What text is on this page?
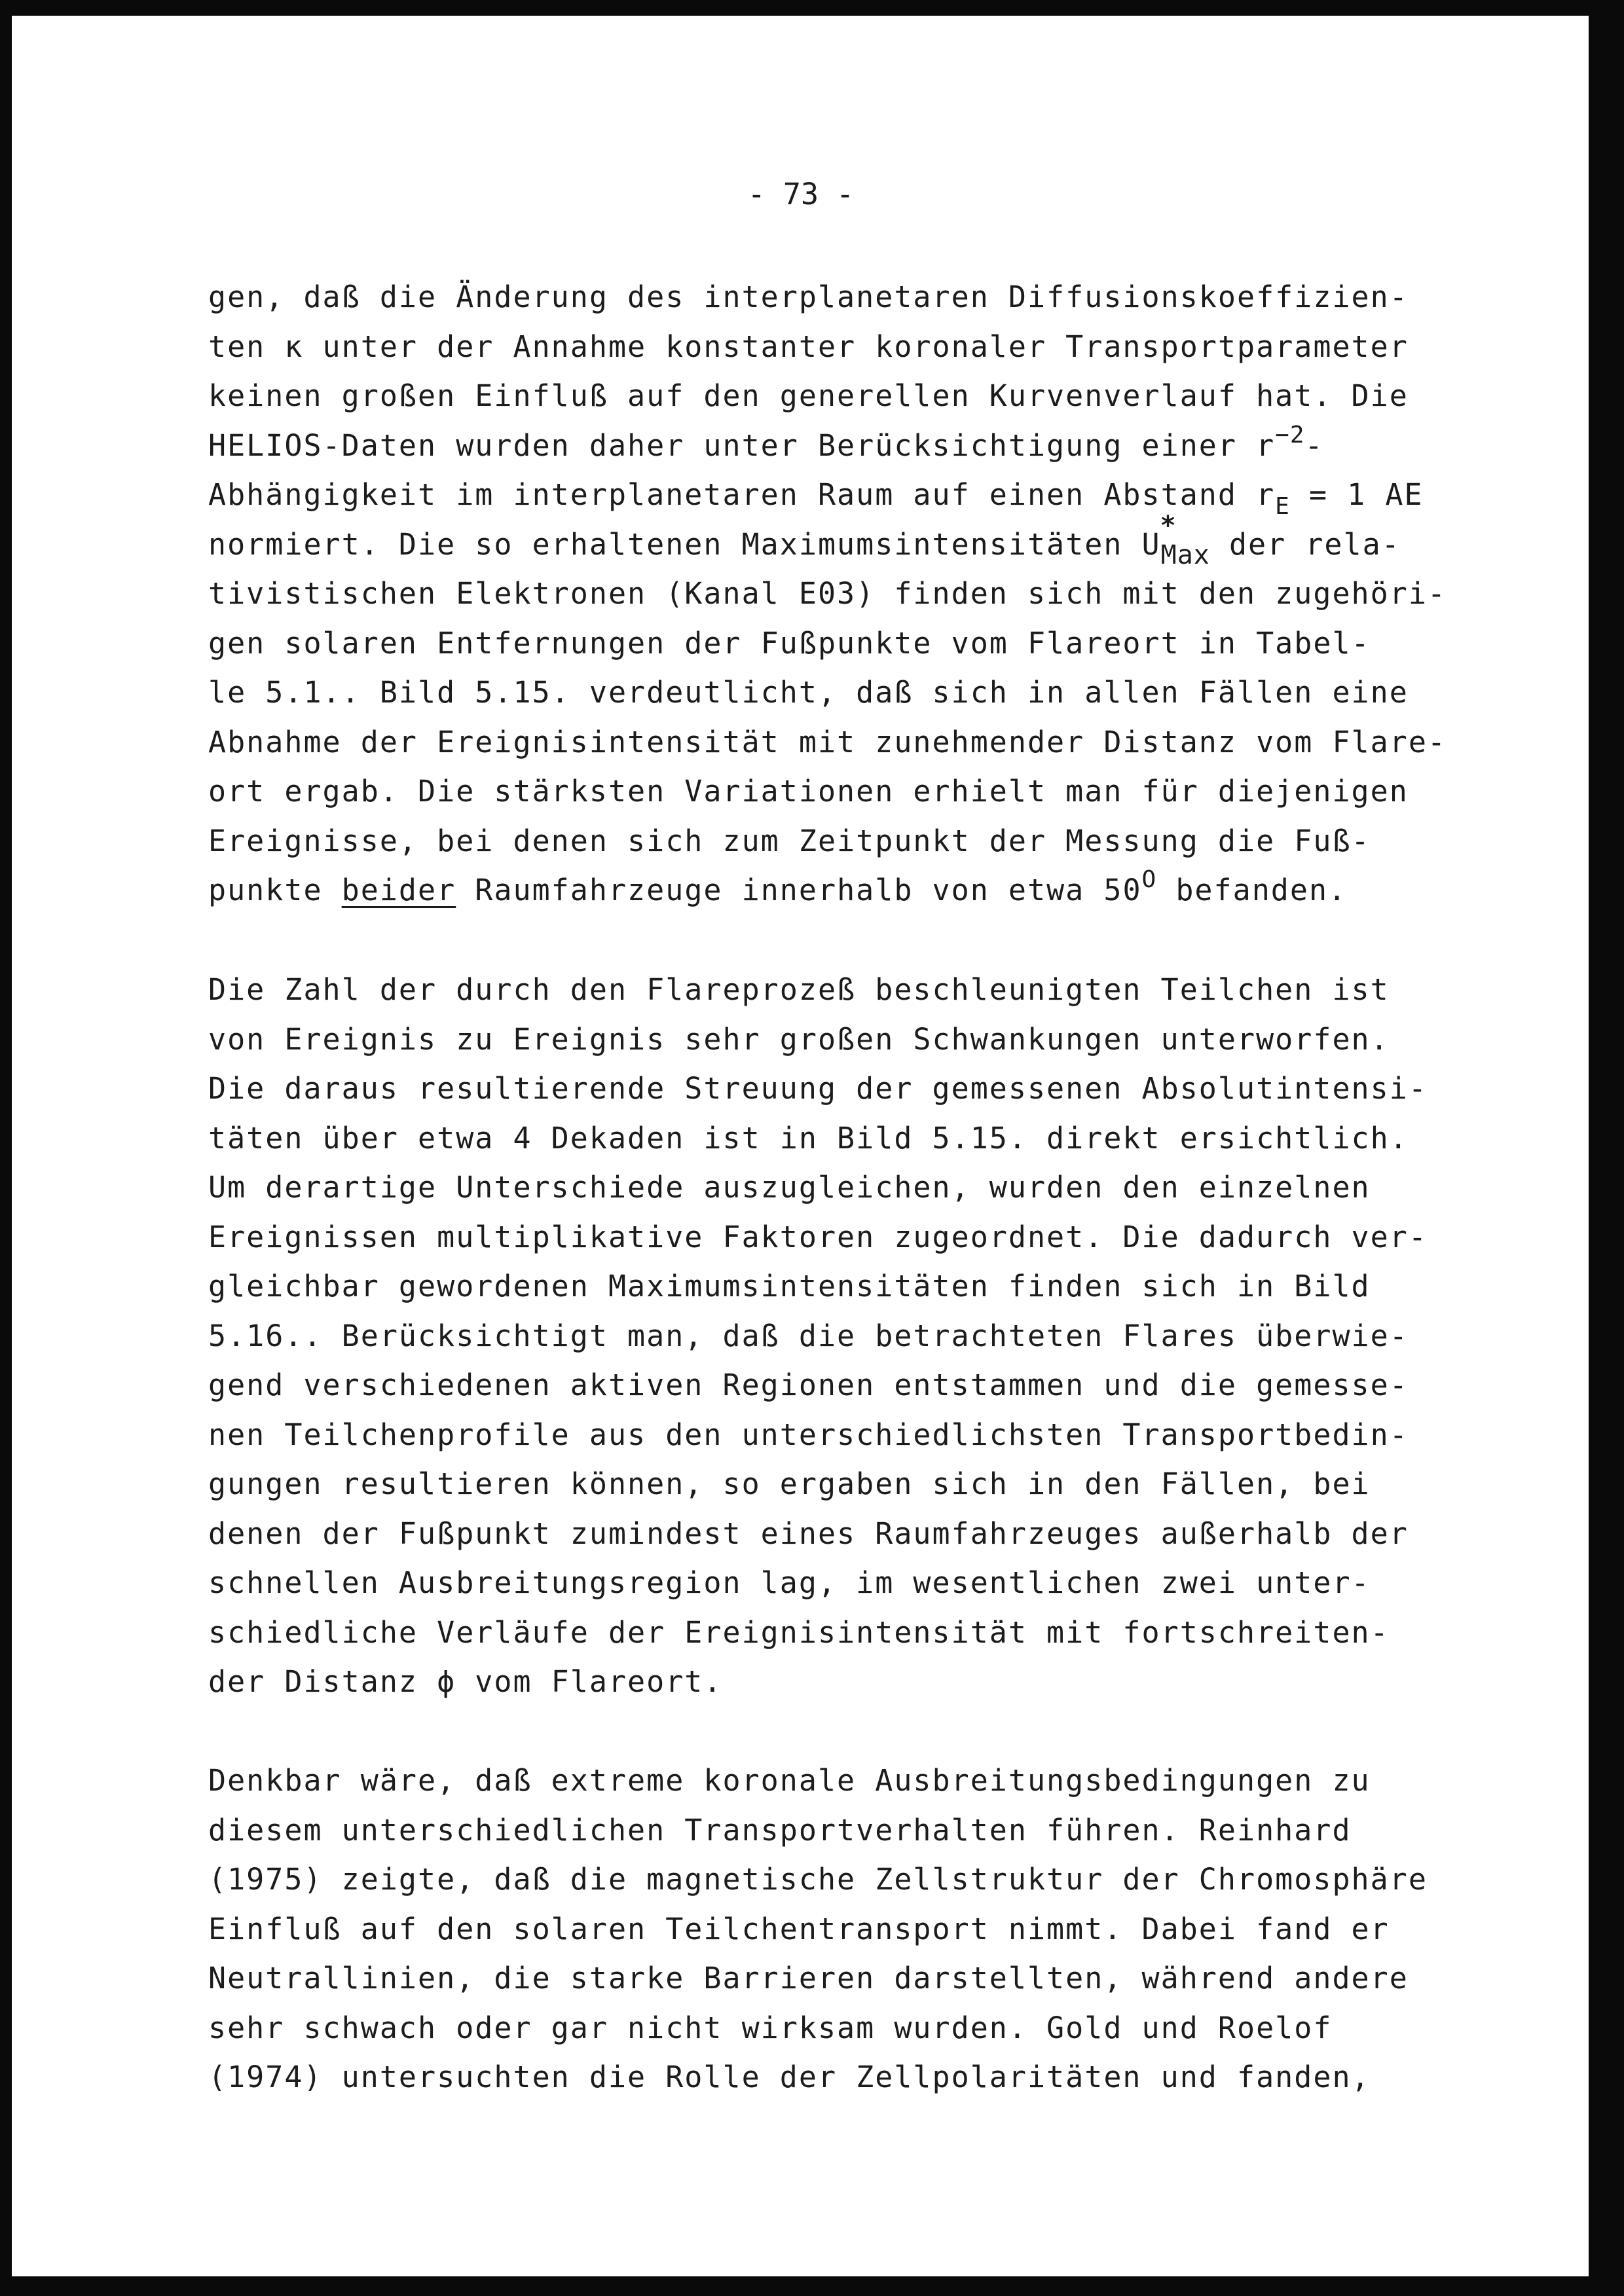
- 73 -
gen, daß die Änderung des interplanetaren Diffusionskoeffizien-
ten κ unter der Annahme konstanter koronaler Transportparameter
keinen großen Einfluß auf den generellen Kurvenverlauf hat. Die
HELIOS-Daten wurden daher unter Berücksichtigung einer $r^{-2}-$
Abhängigkeit im interplanetaren Raum auf einen Abstand $r_E = 1$ AE
normiert. Die so erhaltenen Maximumsintensitäten U
*
Max der rela-
tivistischen Elektronen (Kanal E03) finden sich mit den zugehöri-
gen solaren Entfernungen der Fußpunkte vom Flareort in Tabel-
le 5.1.. Bild 5.15. verdeutlicht, daß sich in allen Fällen eine
Abnahme der Ereignisintensität mit zunehmender Distanz vom Flare-
ort ergab. Die stärksten Variationen erhielt man für diejenigen
Ereignisse, bei denen sich zum Zeitpunkt der Messung die Fuß-
punkte beider Raumfahrzeuge innerhalb von etwa $50^O$ befanden.
Die Zahl der durch den Flareprozeß beschleunigten Teilchen ist
von Ereignis zu Ereignis sehr großen Schwankungen unterworfen.
Die daraus resultierende Streuung der gemessenen Absolutintensi-
täten über etwa 4 Dekaden ist in Bild 5.15. direkt ersichtlich.
Um derartige Unterschiede auszugleichen, wurden den einzelnen
Ereignissen multiplikative Faktoren zugeordnet. Die dadurch ver-
gleichbar gewordenen Maximumsintensitäten finden sich in Bild
5.16.. Berücksichtigt man, daß die betrachteten Flares überwie-
gend verschiedenen aktiven Regionen entstammen und die gemesse-
nen Teilchenprofile aus den unterschiedlichsten Transportbedin-
gungen resultieren können, so ergaben sich in den Fällen, bei
denen der Fußpunkt zumindest eines Raumfahrzeuges außerhalb der
schnellen Ausbreitungsregion lag, im wesentlichen zwei unter-
schiedliche Verläufe der Ereignisintensität mit fortschreiten-
der Distanz ϕ vom Flareort.
Denkbar wäre, daß extreme koronale Ausbreitungsbedingungen zu
diesem unterschiedlichen Transportverhalten führen. Reinhard
(1975) zeigte, daß die magnetische Zellstruktur der Chromosphäre
Einfluß auf den solaren Teilchentransport nimmt. Dabei fand er
Neutrallinien, die starke Barrieren darstellten, während andere
sehr schwach oder gar nicht wirksam wurden. Gold und Roelof
(1974) untersuchten die Rolle der Zellpolaritäten und fanden,
